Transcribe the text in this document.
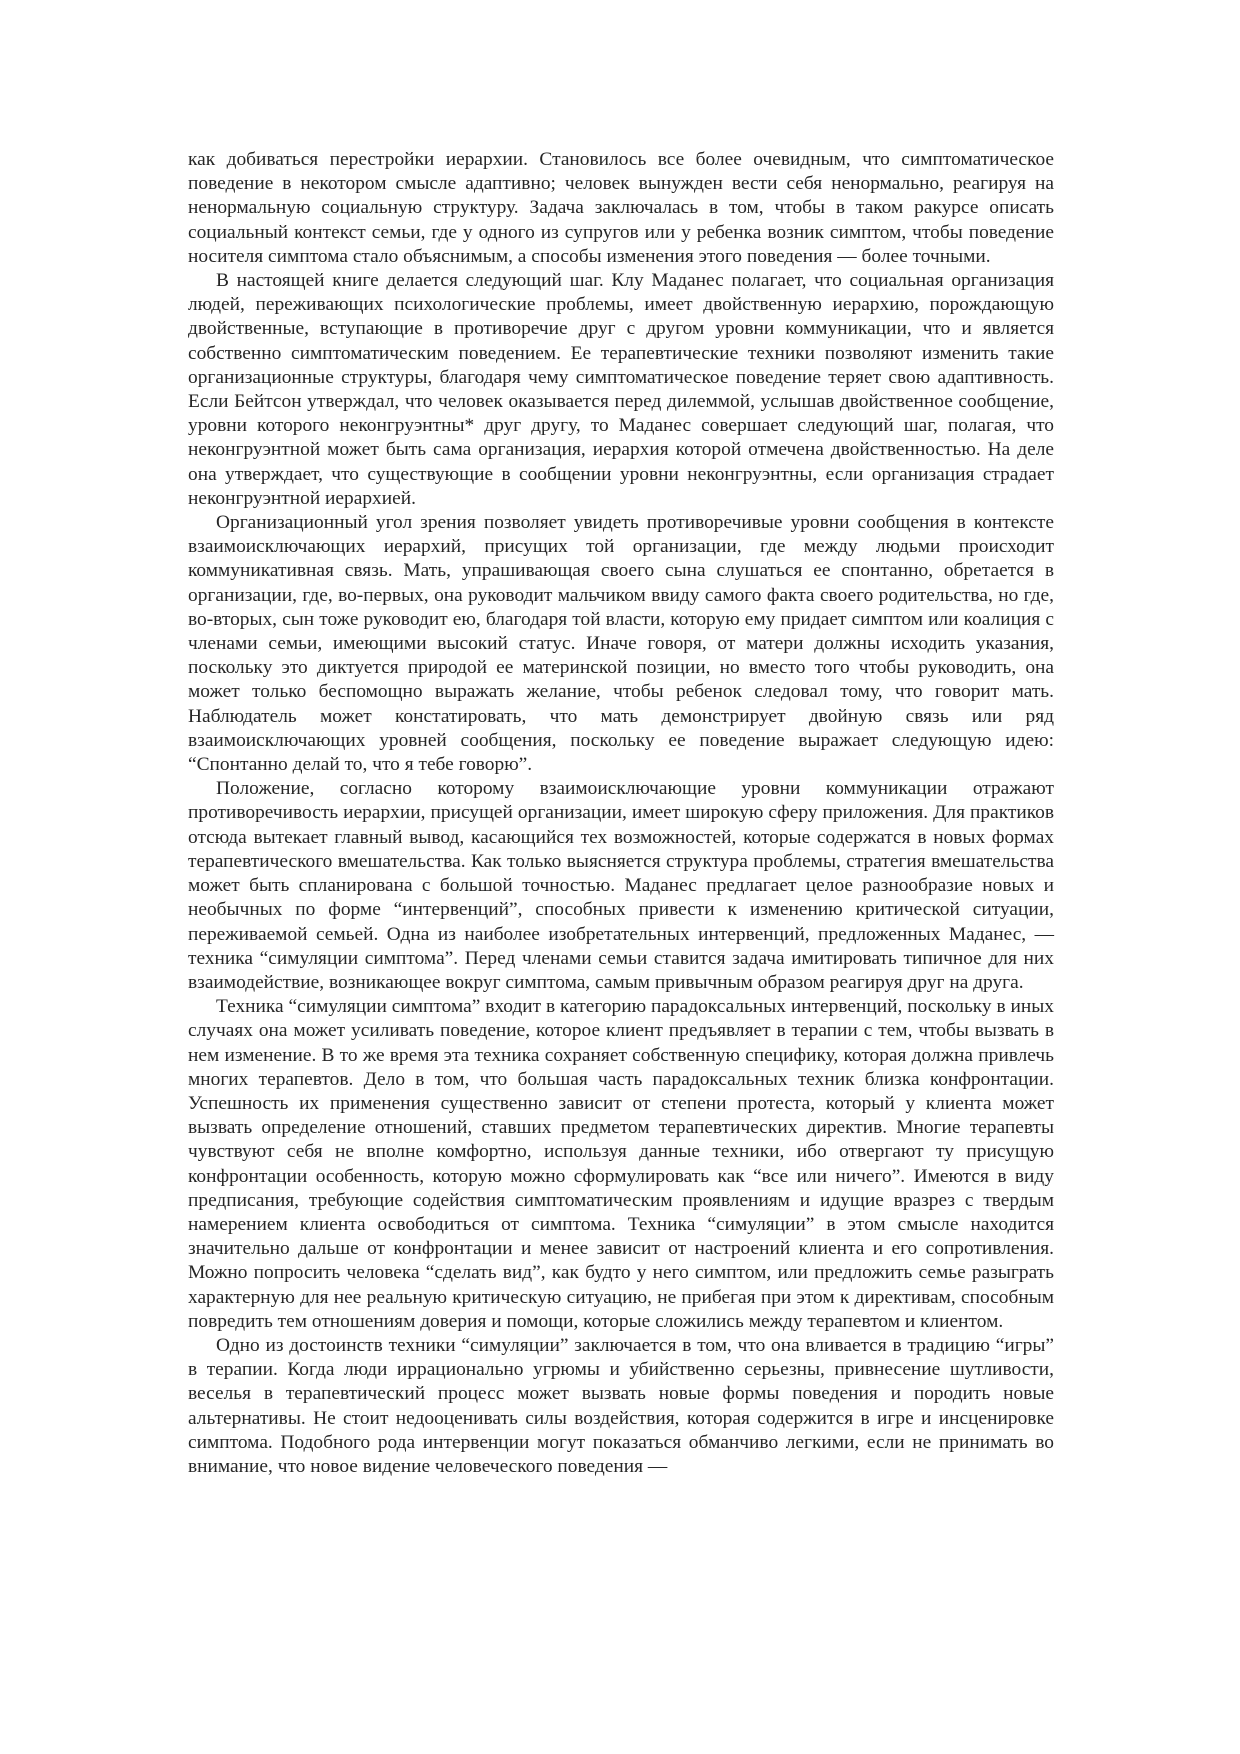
как добиваться перестройки иерархии. Становилось все более очевидным, что симптоматическое поведение в некотором смысле адаптивно; человек вынужден вести себя ненормально, реагируя на ненормальную социальную структуру. Задача заключалась в том, чтобы в таком ракурсе описать социальный контекст семьи, где у одного из супругов или у ребенка возник симптом, чтобы поведение носителя симптома стало объяснимым, а способы изменения этого поведения — более точными.

В настоящей книге делается следующий шаг. Клу Маданес полагает, что социальная организация людей, переживающих психологические проблемы, имеет двойственную иерархию, порождающую двойственные, вступающие в противоречие друг с другом уровни коммуникации, что и является собственно симптоматическим поведением. Ее терапевтические техники позволяют изменить такие организационные структуры, благодаря чему симптоматическое поведение теряет свою адаптивность. Если Бейтсон утверждал, что человек оказывается перед дилеммой, услышав двойственное сообщение, уровни которого неконгруэнтны* друг другу, то Маданес совершает следующий шаг, полагая, что неконгруэнтной может быть сама организация, иерархия которой отмечена двойственностью. На деле она утверждает, что существующие в сообщении уровни неконгруэнтны, если организация страдает неконгруэнтной иерархией.

Организационный угол зрения позволяет увидеть противоречивые уровни сообщения в контексте взаимоисключающих иерархий, присущих той организации, где между людьми происходит коммуникативная связь. Мать, упрашивающая своего сына слушаться ее спонтанно, обретается в организации, где, во-первых, она руководит мальчиком ввиду самого факта своего родительства, но где, во-вторых, сын тоже руководит ею, благодаря той власти, которую ему придает симптом или коалиция с членами семьи, имеющими высокий статус. Иначе говоря, от матери должны исходить указания, поскольку это диктуется природой ее материнской позиции, но вместо того чтобы руководить, она может только беспомощно выражать желание, чтобы ребенок следовал тому, что говорит мать. Наблюдатель может констатировать, что мать демонстрирует двойную связь или ряд взаимоисключающих уровней сообщения, поскольку ее поведение выражает следующую идею: “Спонтанно делай то, что я тебе говорю”.

Положение, согласно которому взаимоисключающие уровни коммуникации отражают противоречивость иерархии, присущей организации, имеет широкую сферу приложения. Для практиков отсюда вытекает главный вывод, касающийся тех возможностей, которые содержатся в новых формах терапевтического вмешательства. Как только выясняется структура проблемы, стратегия вмешательства может быть спланирована с большой точностью. Маданес предлагает целое разнообразие новых и необычных по форме “интервенций”, способных привести к изменению критической ситуации, переживаемой семьей. Одна из наиболее изобретательных интервенций, предложенных Маданес, — техника “симуляции симптома”. Перед членами семьи ставится задача имитировать типичное для них взаимодействие, возникающее вокруг симптома, самым привычным образом реагируя друг на друга.

Техника “симуляции симптома” входит в категорию парадоксальных интервенций, поскольку в иных случаях она может усиливать поведение, которое клиент предъявляет в терапии с тем, чтобы вызвать в нем изменение. В то же время эта техника сохраняет собственную специфику, которая должна привлечь многих терапевтов. Дело в том, что большая часть парадоксальных техник близка конфронтации. Успешность их применения существенно зависит от степени протеста, который у клиента может вызвать определение отношений, ставших предметом терапевтических директив. Многие терапевты чувствуют себя не вполне комфортно, используя данные техники, ибо отвергают ту присущую конфронтации особенность, которую можно сформулировать как “все или ничего”. Имеются в виду предписания, требующие содействия симптоматическим проявлениям и идущие вразрез с твердым намерением клиента освободиться от симптома. Техника “симуляции” в этом смысле находится значительно дальше от конфронтации и менее зависит от настроений клиента и его сопротивления. Можно попросить человека “сделать вид”, как будто у него симптом, или предложить семье разыграть характерную для нее реальную критическую ситуацию, не прибегая при этом к директивам, способным повредить тем отношениям доверия и помощи, которые сложились между терапевтом и клиентом.

Одно из достоинств техники “симуляции” заключается в том, что она вливается в традицию “игры” в терапии. Когда люди иррационально угрюмы и убийственно серьезны, привнесение шутливости, веселья в терапевтический процесс может вызвать новые формы поведения и породить новые альтернативы. Не стоит недооценивать силы воздействия, которая содержится в игре и инсценировке симптома. Подобного рода интервенции могут показаться обманчиво легкими, если не принимать во внимание, что новое видение человеческого поведения —
